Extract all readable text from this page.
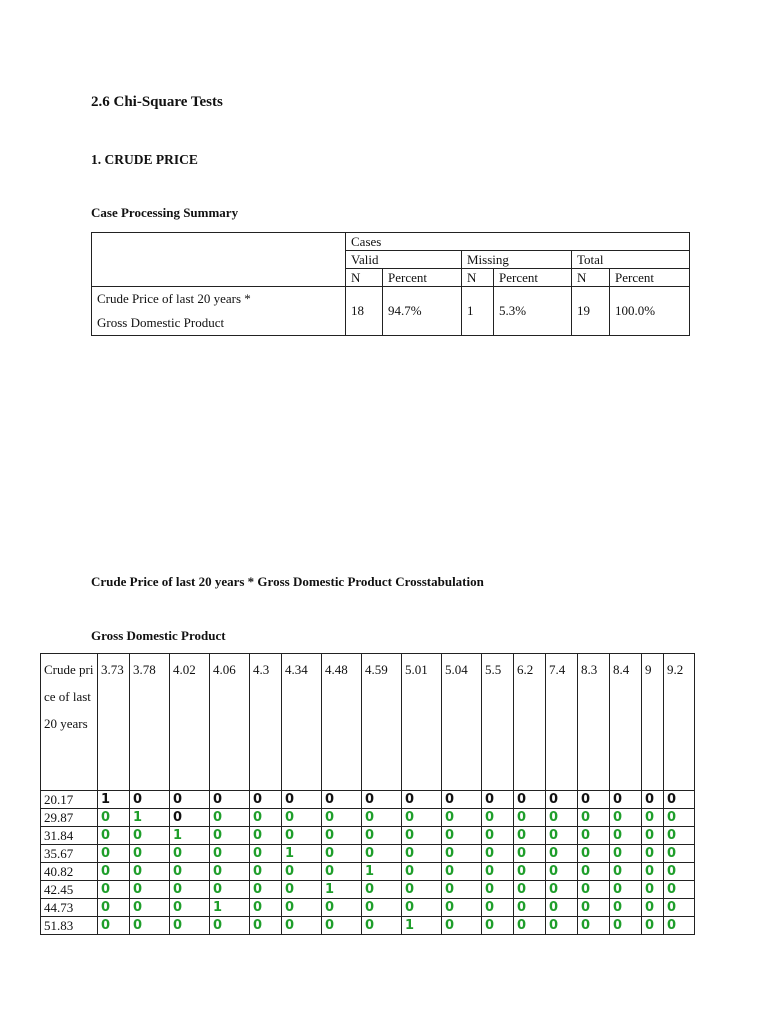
2.6 Chi-Square Tests
1. CRUDE PRICE
Case Processing Summary
	Cases					
	Valid		Missing		Total	
	N	Percent	N	Percent	N	Percent

Crude Price of last 20 years *
Gross Domestic Product	18	94.7%	1	5.3%	19	100.0%
Crude Price of last 20 years * Gross Domestic Product Crosstabulation
Gross Domestic Product
Crude price of last 20 years	3.73	3.78	4.02	4.06	4.3	4.34	4.48	4.59	5.01	5.04	5.5	6.2	7.4	8.3	8.4	9	9.2
20.17	1	0	0	0	0	0	0	0	0	0	0	0	0	0	0	0	0
29.87	0	1	0	0	0	0	0	0	0	0	0	0	0	0	0	0	0
31.84	0	0	1	0	0	0	0	0	0	0	0	0	0	0	0	0	0
35.67	0	0	0	0	0	1	0	0	0	0	0	0	0	0	0	0	0
40.82	0	0	0	0	0	0	0	1	0	0	0	0	0	0	0	0	0
42.45	0	0	0	0	0	0	1	0	0	0	0	0	0	0	0	0	0
44.73	0	0	0	1	0	0	0	0	0	0	0	0	0	0	0	0	0
51.83	0	0	0	0	0	0	0	0	1	0	0	0	0	0	0	0	0
